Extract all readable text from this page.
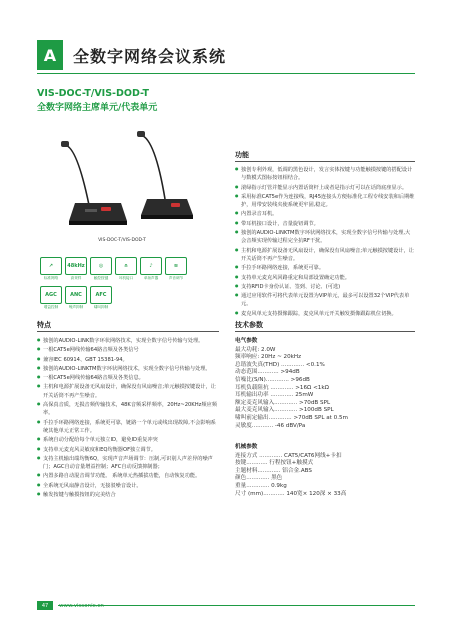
A	全数字网络会议系统
VIS-DOC-T/VIS-DOD-T
全数字网络主席单元/代表单元
VIS-DOC-T/VIS-DOD-T
↗
标准网络
48kHz
高采样
◎
触控按键
∩
耳机接口
♪
单扬声器
≋
声音调节
AGC
增益控制
ANC
噪声抑制
AFC
啸叫抑制
功能

● 独创专利外观，低调的黑色设计，发言实体按键与功能触摸按键的搭配设计与数模式图标按钮相结合。

● 滚绿指示灯管并能显示内置话筒杆上或者是指示灯可以在话筒底座显示。

● 采用标准CAT5e作为连接线，RJ45连接头方便标准化工程专线安装和后期维护，用带安装线夹使系统更牢固,稳定。

● 内置录音耳机。

● 带耳机接口设计，音量旋钮调节。

● 独创的AUDIO-LINKTM数字环状网络技术，实现全数字信号传输与处理,大会音频实现传输过程完全抗RF干扰。

● 主机和电源扩展设备无风扇设计，确保没有风扇噪音;单元触摸按键设计，让开关话筒不再产生噪音。

● 手拉手环路网络连接，系统更可靠。

● 支持单元麦克风回路重定和局部设置确定功能。

● 支持RFID卡身份认证、签到、讨论、(可选)

● 通过应用软件可将代表单元设置为VIP单元，最多可以设置32个VIP代表单元。

● 麦克风单元支持摄像跟踪，麦克风单元开关触发摄像跟踪机位切换。

特点

● 独创的AUDIO-LINK数字环状网络技术，实现全数字信号传输与处理。

● 一根CAT5e网线传输64路音频及各类信号

● 兼容IEC 60914、GBT 15381-94。

● 独创的AUDIO-LINKTM数字环状网络技术，实现全数字信号传输与处理。

● 一根CAT5e网线传输64路音频及各类信息。

● 主机和电源扩展设备无风扇设计，确保没有风扇噪音;单元触摸按键设计，让开关话筒不再产生噪音。

● 高保真音质，无损音频传输技术，48K音频采样频率，20Hz~20KHz频应频率。

● 手拉手环路网络连接，系统更可靠，链路一个单元或线出现故障,不会影响系统其他单元正常工作。

● 系统自动分配给每个单元独立ID，避免ID重复冲突

● 支持单元麦克风灵敏度和EQ均衡器OF独立调节。

● 支持主机输出端均衡6Q，实现声音声场调节：压制,可识别人声差异的噪声门；AGC自动音量增益控制；AFC自动反馈抑制器；

● 内置多路自动混音调节功能。 系统单元热插拔功能，自动恢复功能。

● 全系统无风扇静音设计，无接驳噪音设计。

● 触发按键与触摸按钮的完美结合

技术参数
电气参数
最大功耗: 2.0W
频率响应: 20Hz ~ 20kHz
总谐波失真(THD) ............. <0.1%
动态范围............ >94dB
信噪比(S/N)............. >96dB
耳机负载阻抗 ............. >16Ω <1kΩ
耳机输出功率 ............. 25mW
额定麦克风输入............. >70dB SPL
最大麦克风输入............. >100dB SPL
啸叫前定输出............. >70dB SPL at 0.5m
灵敏度............ -46 dBV/Pa
机械参数
连接方式 ............. CAT5/CAT6网线+卡扣
按键............ 行程按钮+触摸式
主题材料............. 铝合金.ABS
颜色............. 黑色
重量............. 0.9kg
尺寸 (mm)............ 140宽× 120深 × 33高
47
